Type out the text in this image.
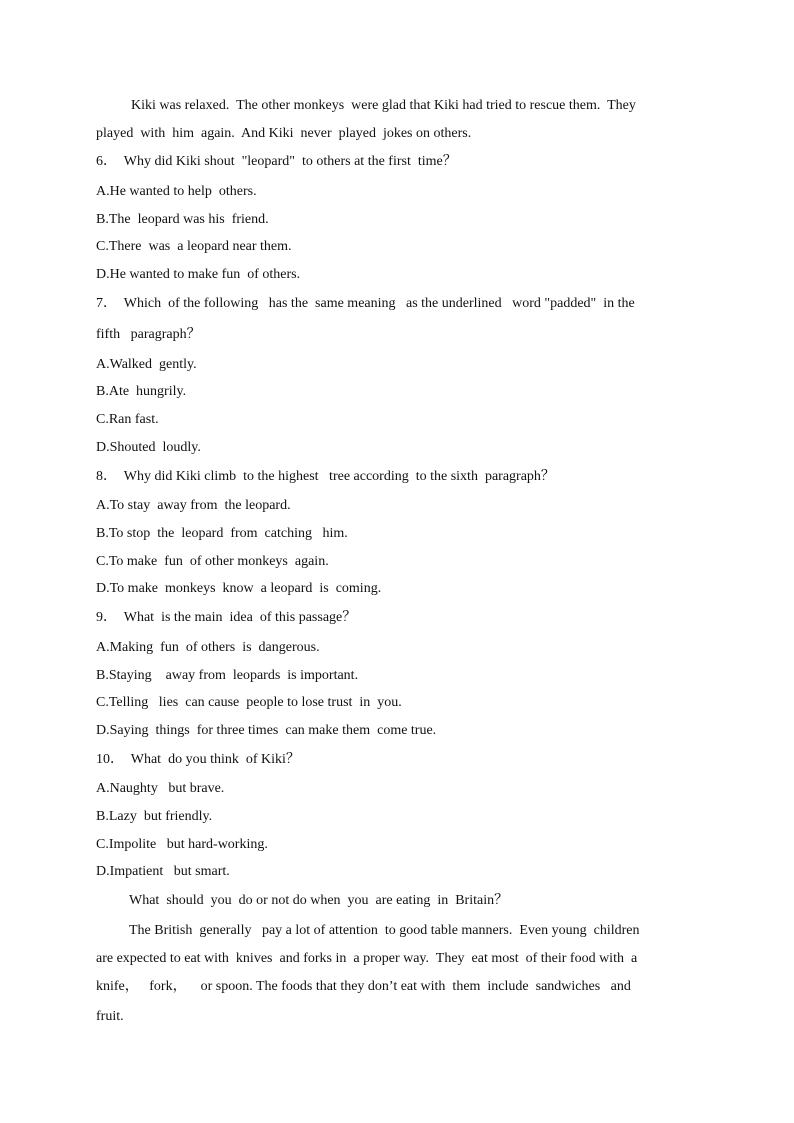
Kiki was relaxed.  The other monkeys  were glad that Kiki had tried to rescue them.  They
played  with  him  again.  And Kiki  never  played  jokes on others.
6．  Why did Kiki shout  "leopard"  to others at the first  time？
A.He wanted to help  others.
B.The  leopard was his  friend.
C.There  was  a leopard near them.
D.He wanted to make fun  of others.
7．  Which  of the following   has the  same meaning   as the underlined   word "padded"  in the
fifth   paragraph？
A.Walked  gently.
B.Ate  hungrily.
C.Ran fast.
D.Shouted  loudly.
8．  Why did Kiki climb  to the highest   tree according  to the sixth  paragraph？
A.To stay  away from  the leopard.
B.To stop  the  leopard  from  catching   him.
C.To make  fun  of other monkeys  again.
D.To make  monkeys  know  a leopard  is  coming.
9．  What  is the main  idea  of this passage？
A.Making  fun  of others  is  dangerous.
B.Staying    away from  leopards  is important.
C.Telling   lies  can cause  people to lose trust  in  you.
D.Saying  things  for three times  can make them  come true.
10．  What  do you think  of Kiki？
A.Naughty   but brave.
B.Lazy  but friendly.
C.Impolite   but hard-working.
D.Impatient   but smart.
What  should  you  do or not do when  you  are eating  in  Britain？
The British  generally   pay a lot of attention  to good table manners.  Even young  children
are expected to eat with  knives  and forks in  a proper way.  They  eat most  of their food with  a
knife，   fork，    or spoon. The foods that they don’t eat with  them  include  sandwiches   and
fruit.
